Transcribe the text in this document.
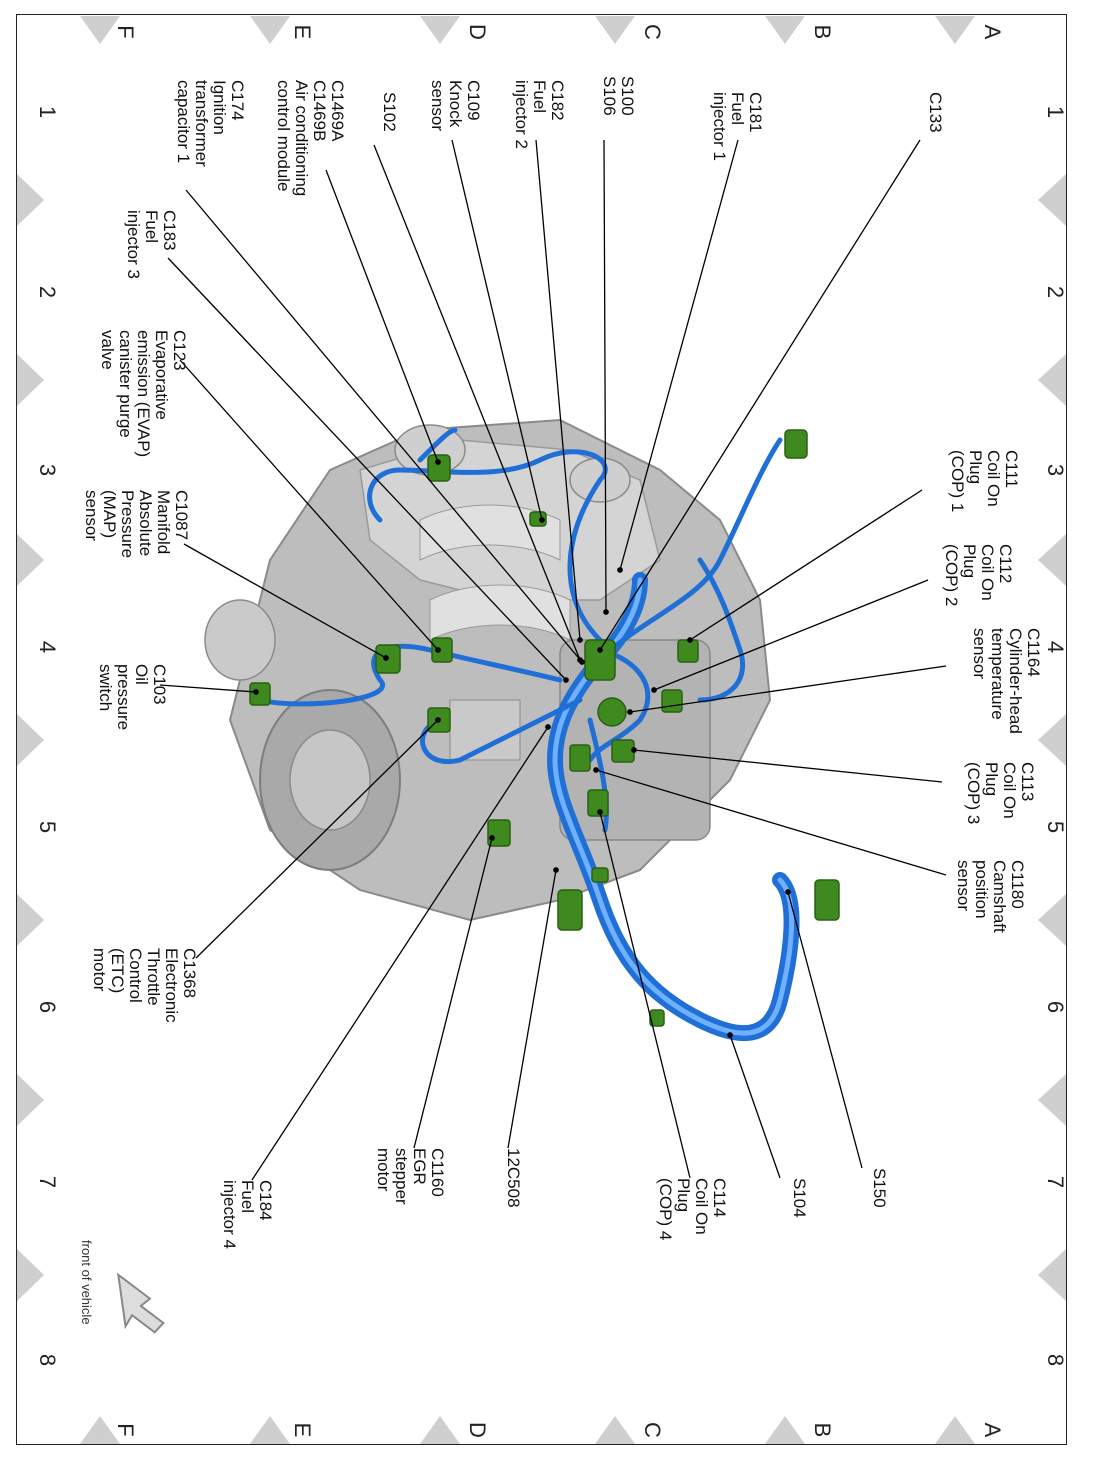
A
A
B
B
C
C
D
D
E
E
F
F
1	1
2	2
3	3
4	4
5	5
6	6
7	7
8	8
C133
C181Fuelinjector 1
S100S106
C182Fuelinjector 2
C109Knocksensor
S102
C1469AC1469BAir conditioningcontrol module
C174Ignitiontransformercapacitor 1
C183Fuelinjector 3
C123Evaporativeemission (EVAP)canister purgevalve
C1087ManifoldAbsolutePressure(MAP)sensor
C103Oilpressureswitch
C1368ElectronicThrottleControl(ETC)motor
C184Fuelinjector 4
C1160EGRsteppermotor	12C508	C114Coil OnPlug(COP) 4	S104	S150
C1180Camshaftpositionsensor
C113Coil OnPlug(COP) 3
C1164Cylinder-headtemperaturesensor
C112Coil OnPlug(COP) 2
C111Coil OnPlug(COP) 1
front of vehicle
